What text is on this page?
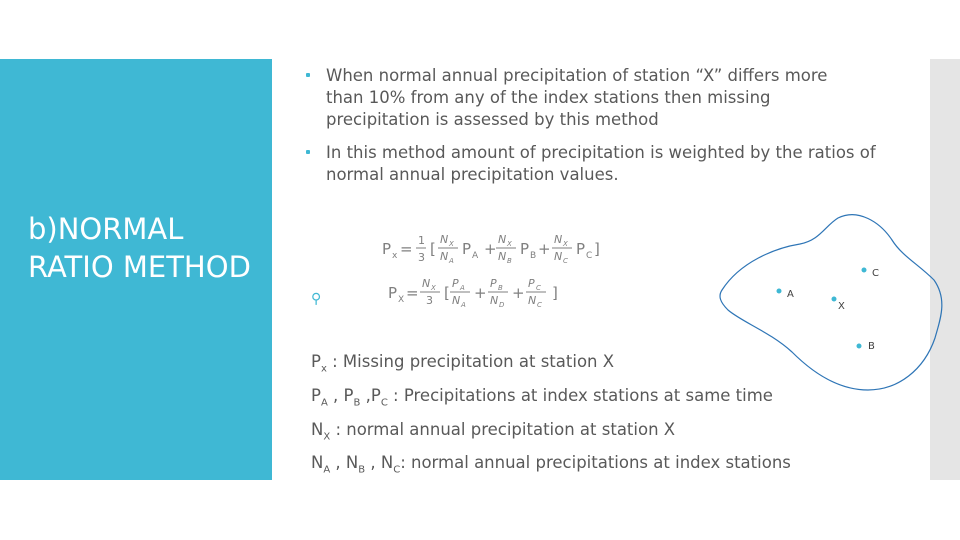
b)NORMAL RATIO METHOD
When normal annual precipitation of station “X” differs more than 10% from any of the index stations then missing precipitation is assessed by this method
In this method amount of precipitation is weighted by the ratios of normal annual precipitation values.
P x = 1
3 [
N X
N A
P A +
N X
N B
P B +
N X
N C
P C ]
P X =
N X
3 [
P A
N A
+
P B
N D
+
P C
N C
]
⚲
$P_x$ : Missing precipitation at station X
$P_A$ , $P_B$ $,P_C$ : Precipitations at index stations at same time
$N_X$ : normal annual precipitation at station X
$N_A$ , $N_B$ , $N_C$: normal annual precipitations at index stations
A
C
X
B
